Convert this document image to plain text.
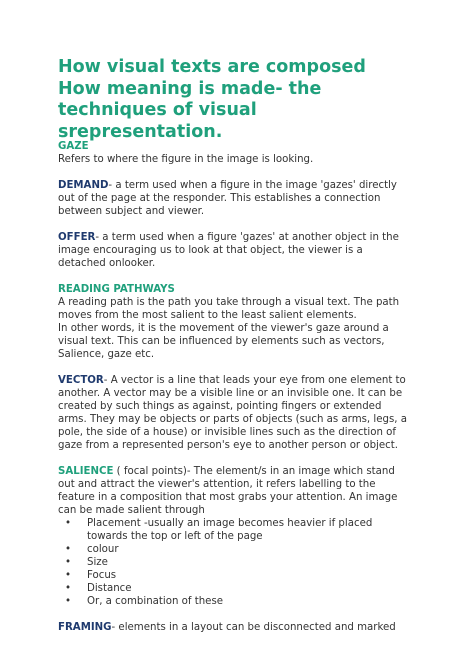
How visual texts are composed
How meaning is made- the
techniques of visual
srepresentation.
GAZE
Refers to where the figure in the image is looking.
DEMAND- a term used when a figure in the image 'gazes' directly
out of the page at the responder. This establishes a connection
between subject and viewer.
OFFER- a term used when a figure 'gazes' at another object in the
image encouraging us to look at that object, the viewer is a
detached onlooker.
READING PATHWAYS
A reading path is the path you take through a visual text. The path
moves from the most salient to the least salient elements.
In other words, it is the movement of the viewer's gaze around a
visual text. This can be influenced by elements such as vectors,
Salience, gaze etc.
VECTOR- A vector is a line that leads your eye from one element to
another. A vector may be a visible line or an invisible one. It can be
created by such things as against, pointing fingers or extended
arms. They may be objects or parts of objects (such as arms, legs, a
pole, the side of a house) or invisible lines such as the direction of
gaze from a represented person's eye to another person or object.
SALIENCE ( focal points)- The element/s in an image which stand
out and attract the viewer's attention, it refers labelling to the
feature in a composition that most grabs your attention. An image
can be made salient through
• Placement -usually an image becomes heavier if placed
towards the top or left of the page
• colour
• Size
• Focus
• Distance
• Or, a combination of these
FRAMING- elements in a layout can be disconnected and marked
